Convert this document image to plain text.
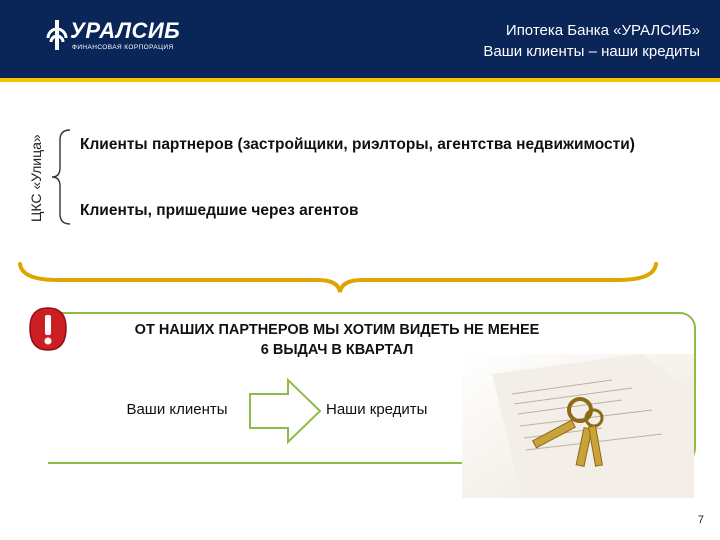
УРАЛСИБ
ФИНАНСОВАЯ КОРПОРАЦИЯ
Ипотека Банка «УРАЛСИБ»
Ваши клиенты – наши кредиты
ЦКС «Улица» Клиенты партнеров (застройщики, риэлторы, агентства недвижимости)
Клиенты, пришедшие через агентов
ОТ НАШИХ ПАРТНЕРОВ МЫ ХОТИМ ВИДЕТЬ НЕ МЕНЕЕ
6 ВЫДАЧ В КВАРТАЛ
Ваши клиенты	Наши кредиты
7
